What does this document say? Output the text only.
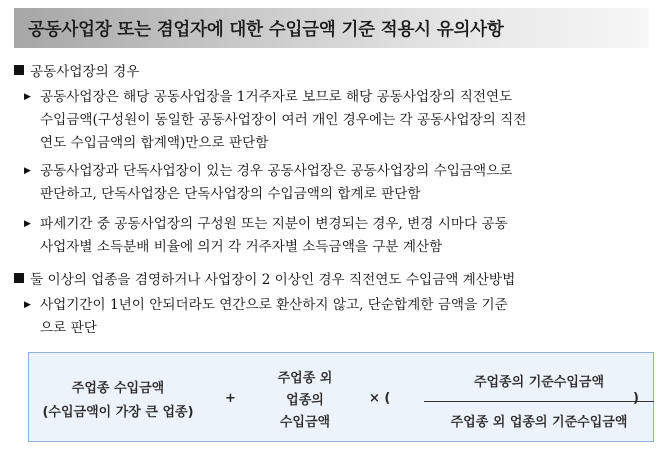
공동사업장 또는 겸업자에 대한 수입금액 기준 적용시 유의사항
공동사업장의 경우
▶ 공동사업장은 해당 공동사업장을 1거주자로 보므로 해당 공동사업장의 직전연도
수입금액(구성원이 동일한 공동사업장이 여러 개인 경우에는 각 공동사업장의 직전
연도 수입금액의 합계액)만으로 판단함
▶ 공동사업장과 단독사업장이 있는 경우 공동사업장은 공동사업장의 수입금액으로
판단하고, 단독사업장은 단독사업장의 수입금액의 합계로 판단함
▶ 파세기간 중 공동사업장의 구성원 또는 지분이 변경되는 경우, 변경 시마다 공동
사업자별 소득분배 비율에 의거 각 거주자별 소득금액을 구분 계산함
둘 이상의 업종을 겸영하거나 사업장이 2 이상인 경우 직전연도 수입금액 계산방법
▶ 사업기간이 1년이 안되더라도 연간으로 환산하지 않고, 단순합계한 금액을 기준
으로 판단
주업종 수입금액
(수입금액이 가장 큰 업종)
+
주업종 외
업종의
수입금액
× (
주업종의 기준수입금액
주업종 외 업종의 기준수입금액
)
